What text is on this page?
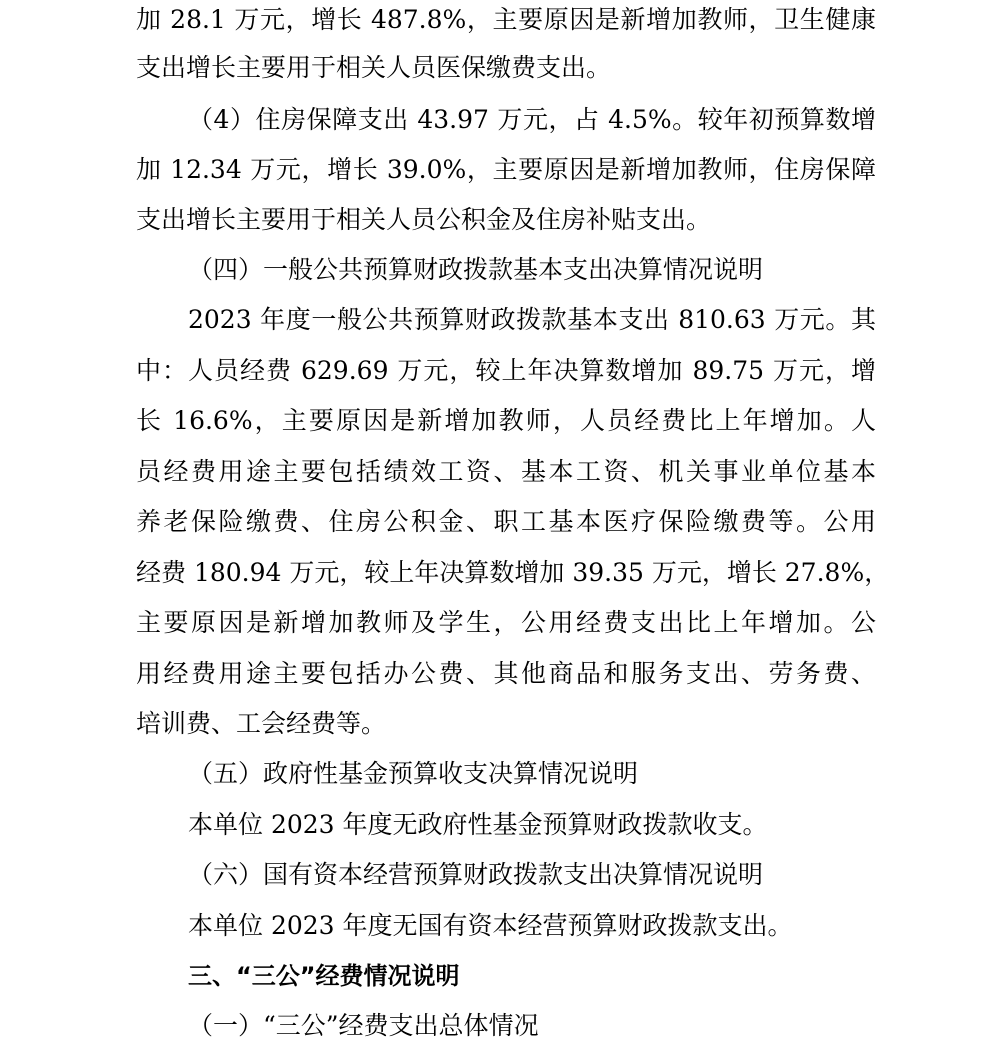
加 28.1 万元，增长 487.8%，主要原因是新增加教师，卫生健康
支出增长主要用于相关人员医保缴费支出。
（4）住房保障支出 43.97 万元，占 4.5%。较年初预算数增
加 12.34 万元，增长 39.0%，主要原因是新增加教师，住房保障
支出增长主要用于相关人员公积金及住房补贴支出。
（四）一般公共预算财政拨款基本支出决算情况说明
2023 年度一般公共预算财政拨款基本支出 810.63 万元。其
中：人员经费 629.69 万元，较上年决算数增加 89.75 万元，增
长 16.6%，主要原因是新增加教师，人员经费比上年增加。人
员经费用途主要包括绩效工资、基本工资、机关事业单位基本
养老保险缴费、住房公积金、职工基本医疗保险缴费等。公用
经费 180.94 万元，较上年决算数增加 39.35 万元，增长 27.8%，
主要原因是新增加教师及学生，公用经费支出比上年增加。公
用经费用途主要包括办公费、其他商品和服务支出、劳务费、
培训费、工会经费等。
（五）政府性基金预算收支决算情况说明
本单位 2023 年度无政府性基金预算财政拨款收支。
（六）国有资本经营预算财政拨款支出决算情况说明
本单位 2023 年度无国有资本经营预算财政拨款支出。
三、“三公”经费情况说明
（一）“三公”经费支出总体情况
